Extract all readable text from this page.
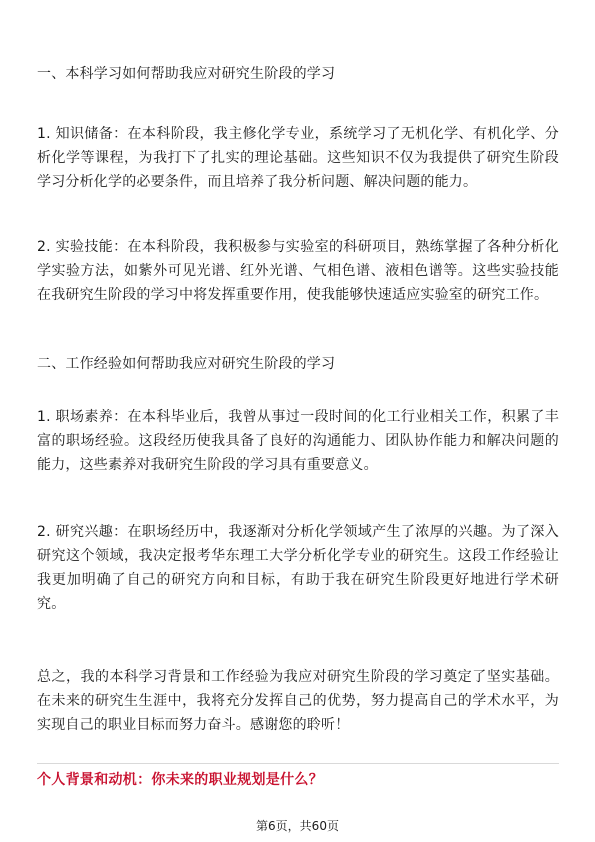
一、本科学习如何帮助我应对研究生阶段的学习

1. 知识储备：在本科阶段，我主修化学专业，系统学习了无机化学、有机化学、分析化学等课程，为我打下了扎实的理论基础。这些知识不仅为我提供了研究生阶段学习分析化学的必要条件，而且培养了我分析问题、解决问题的能力。

2. 实验技能：在本科阶段，我积极参与实验室的科研项目，熟练掌握了各种分析化学实验方法，如紫外可见光谱、红外光谱、气相色谱、液相色谱等。这些实验技能在我研究生阶段的学习中将发挥重要作用，使我能够快速适应实验室的研究工作。

二、工作经验如何帮助我应对研究生阶段的学习

1. 职场素养：在本科毕业后，我曾从事过一段时间的化工行业相关工作，积累了丰富的职场经验。这段经历使我具备了良好的沟通能力、团队协作能力和解决问题的能力，这些素养对我研究生阶段的学习具有重要意义。

2. 研究兴趣：在职场经历中，我逐渐对分析化学领域产生了浓厚的兴趣。为了深入研究这个领域，我决定报考华东理工大学分析化学专业的研究生。这段工作经验让我更加明确了自己的研究方向和目标，有助于我在研究生阶段更好地进行学术研究。

总之，我的本科学习背景和工作经验为我应对研究生阶段的学习奠定了坚实基础。在未来的研究生生涯中，我将充分发挥自己的优势，努力提高自己的学术水平，为实现自己的职业目标而努力奋斗。感谢您的聆听！

个人背景和动机：你未来的职业规划是什么？

第6页，共60页
